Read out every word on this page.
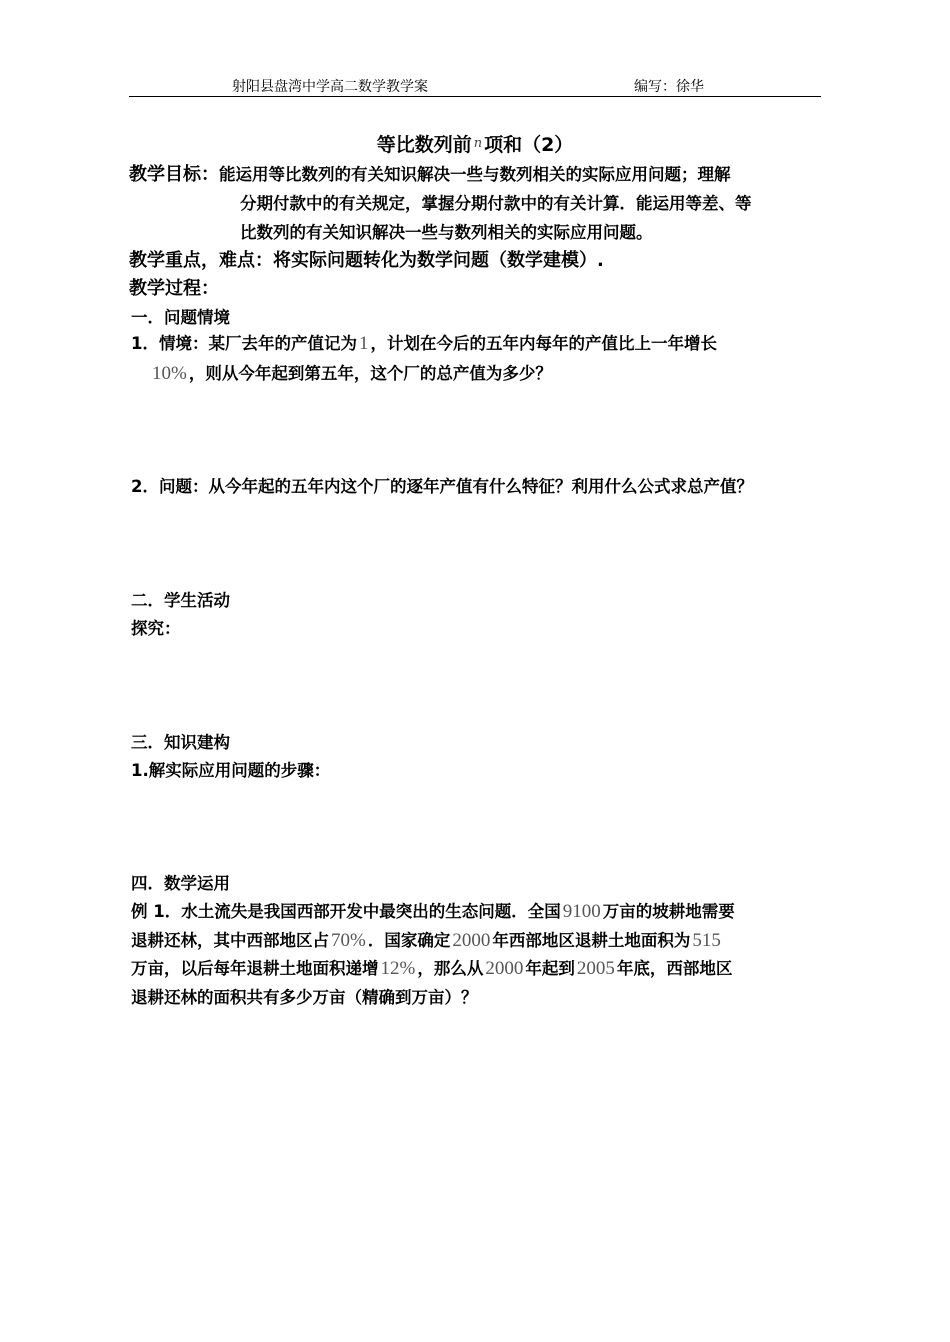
射阳县盘湾中学高二数学教学案	编写：徐华
等比数列前 $^n$ 项和（2）
教学目标：能运用等比数列的有关知识解决一些与数列相关的实际应用问题；理解
分期付款中的有关规定，掌握分期付款中的有关计算．能运用等差、等
比数列的有关知识解决一些与数列相关的实际应用问题。
教学重点，难点：将实际问题转化为数学问题（数学建模）.
教学过程：
一．问题情境
1．情境：某厂去年的产值记为 1 ，计划在今后的五年内每年的产值比上一年增长
10% ，则从今年起到第五年，这个厂的总产值为多少？
2．问题：从今年起的五年内这个厂的逐年产值有什么特征？利用什么公式求总产值？
二．学生活动
探究：
三．知识建构
1.解实际应用问题的步骤：
四．数学运用
例 1．水土流失是我国西部开发中最突出的生态问题．全国 9100 万亩的坡耕地需要
退耕还林，其中西部地区占 70% ．国家确定 2000 年西部地区退耕土地面积为 515
万亩，以后每年退耕土地面积递增 12% ，那么从 2000 年起到 2005 年底，西部地区
退耕还林的面积共有多少万亩（精确到万亩）？
